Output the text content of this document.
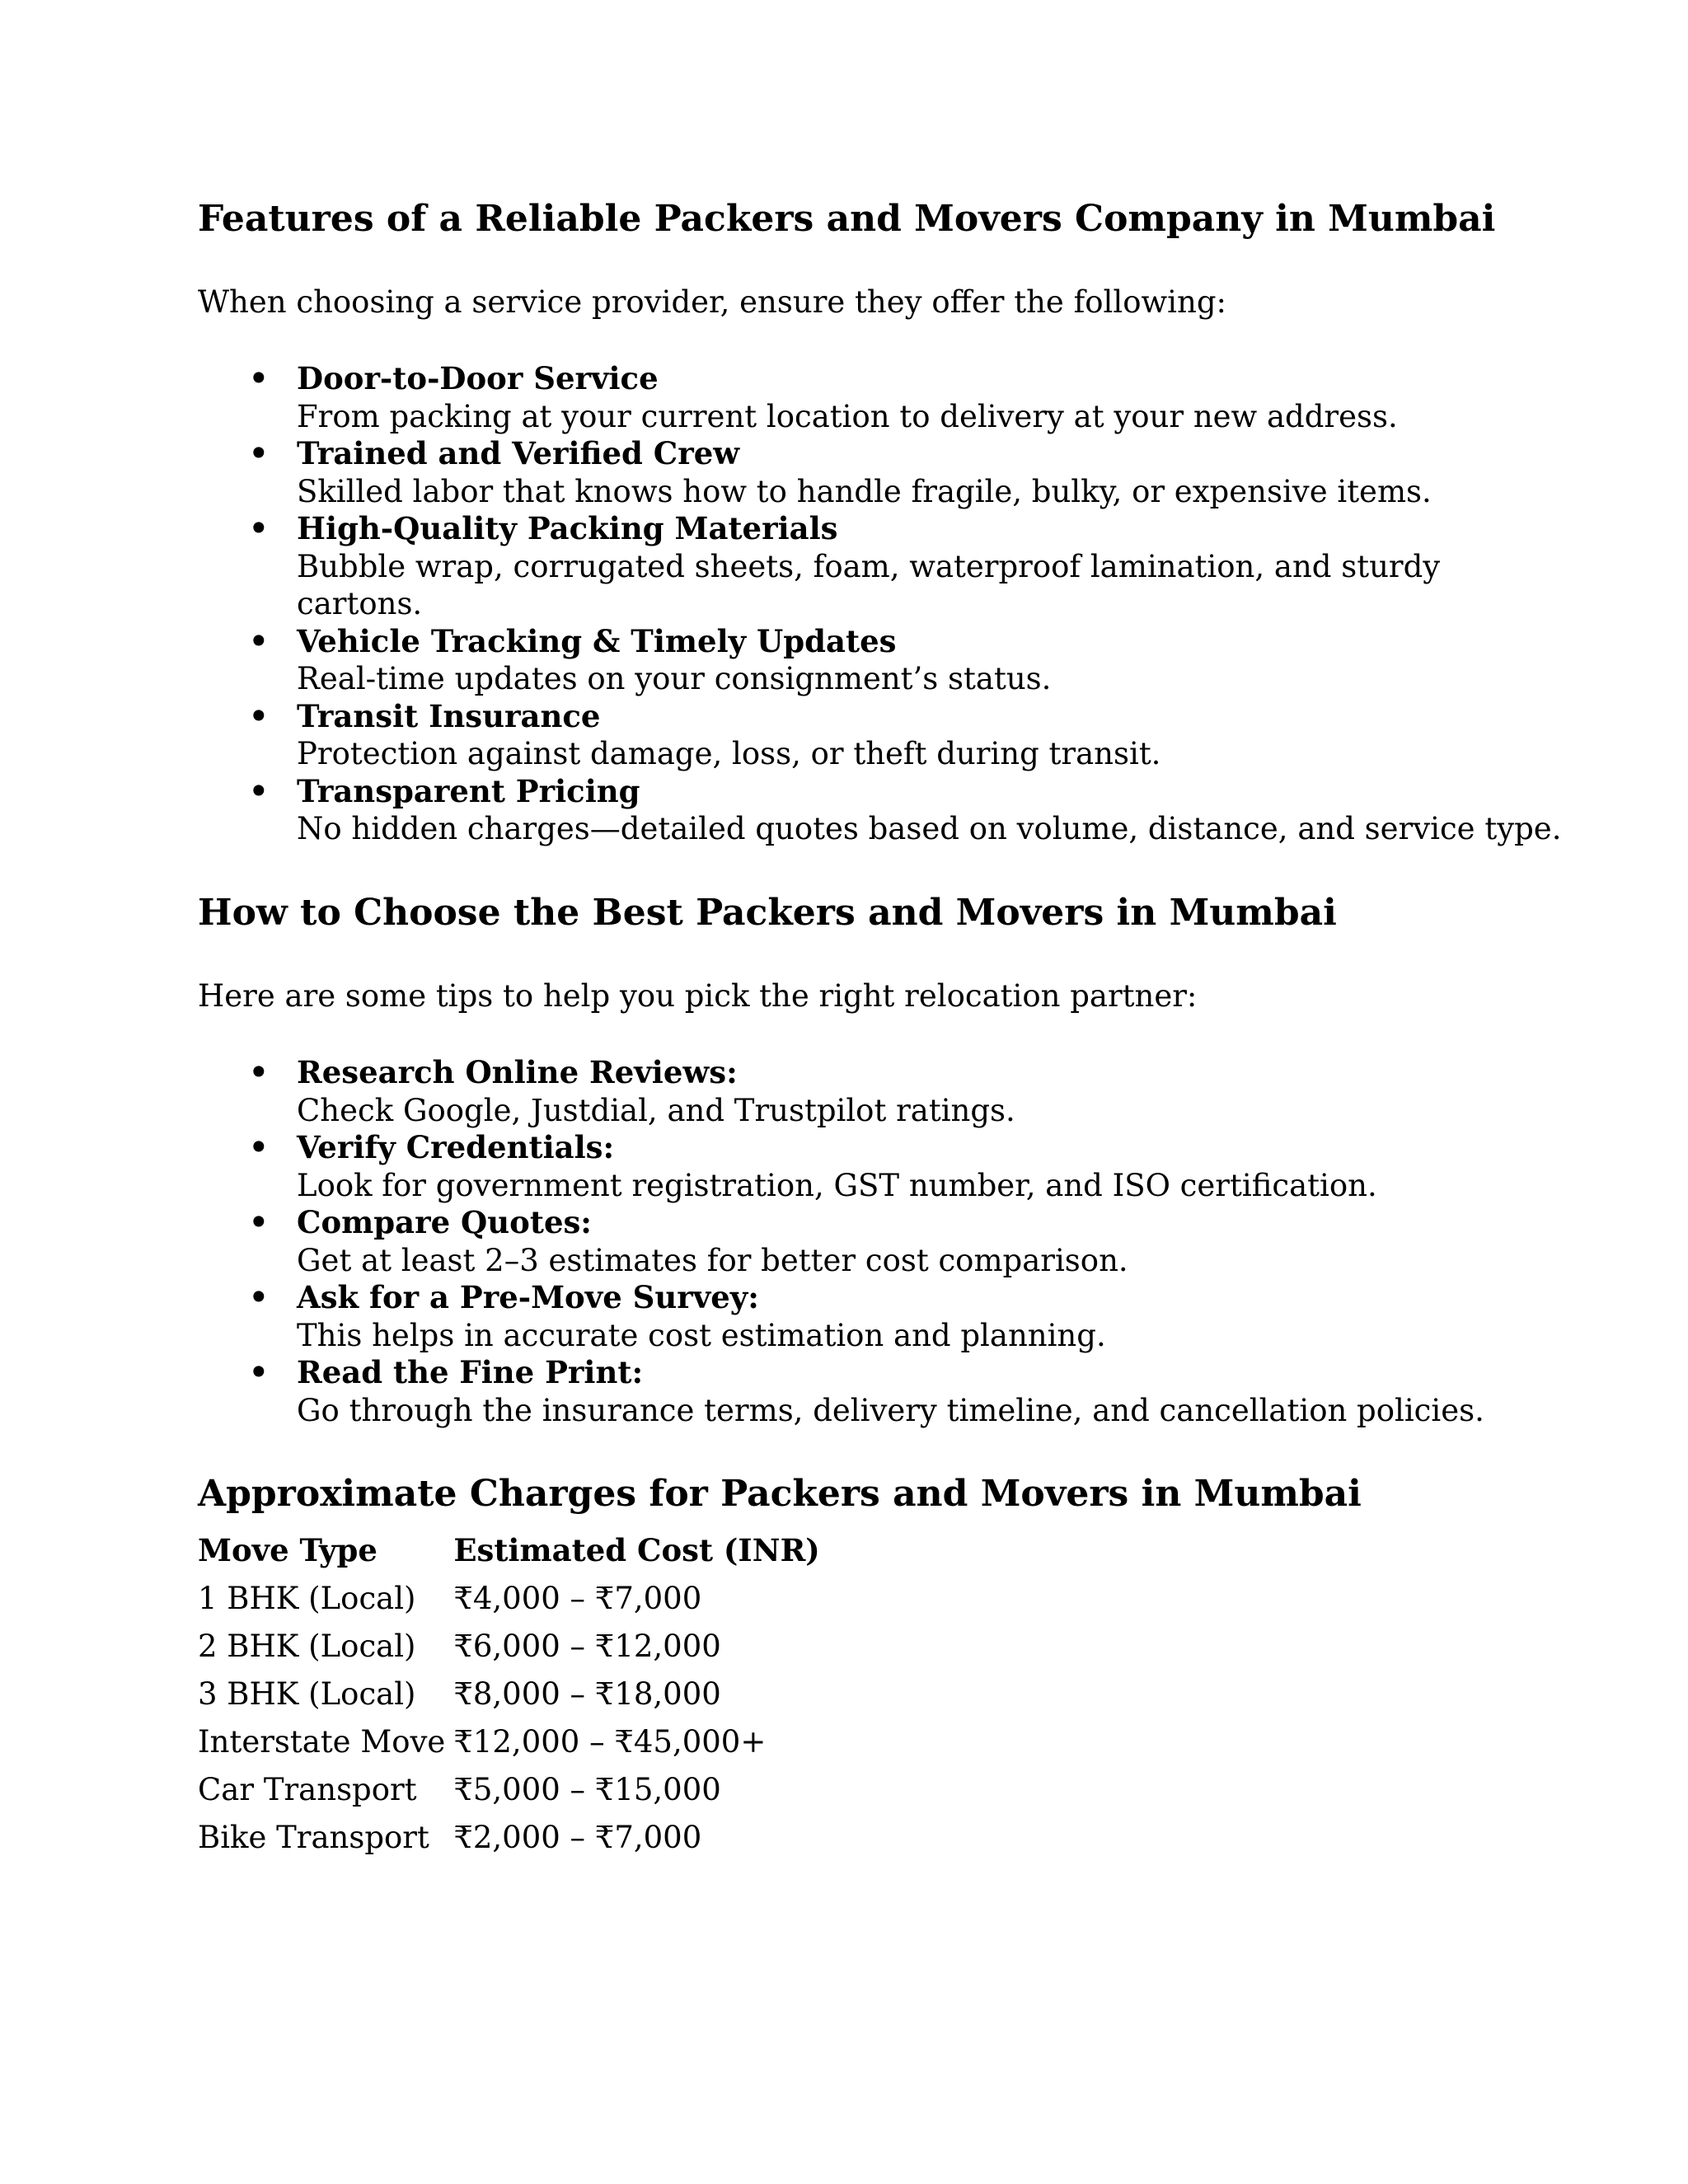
Features of a Reliable Packers and Movers Company in Mumbai

When choosing a service provider, ensure they offer the following:

• Door-to-Door Service
From packing at your current location to delivery at your new address.
• Trained and Verified Crew
Skilled labor that knows how to handle fragile, bulky, or expensive items.
• High-Quality Packing Materials
Bubble wrap, corrugated sheets, foam, waterproof lamination, and sturdy cartons.
• Vehicle Tracking & Timely Updates
Real-time updates on your consignment’s status.
• Transit Insurance
Protection against damage, loss, or theft during transit.
• Transparent Pricing
No hidden charges—detailed quotes based on volume, distance, and service type.
How to Choose the Best Packers and Movers in Mumbai

Here are some tips to help you pick the right relocation partner:

• Research Online Reviews:
Check Google, Justdial, and Trustpilot ratings.
• Verify Credentials:
Look for government registration, GST number, and ISO certification.
• Compare Quotes:
Get at least 2–3 estimates for better cost comparison.
• Ask for a Pre-Move Survey:
This helps in accurate cost estimation and planning.
• Read the Fine Print:
Go through the insurance terms, delivery timeline, and cancellation policies.
Approximate Charges for Packers and Movers in Mumbai
Move Type	Estimated Cost (INR)
1 BHK (Local)	₹4,000 – ₹7,000
2 BHK (Local)	₹6,000 – ₹12,000
3 BHK (Local)	₹8,000 – ₹18,000
Interstate Move	₹12,000 – ₹45,000+
Car Transport	₹5,000 – ₹15,000
Bike Transport	₹2,000 – ₹7,000
